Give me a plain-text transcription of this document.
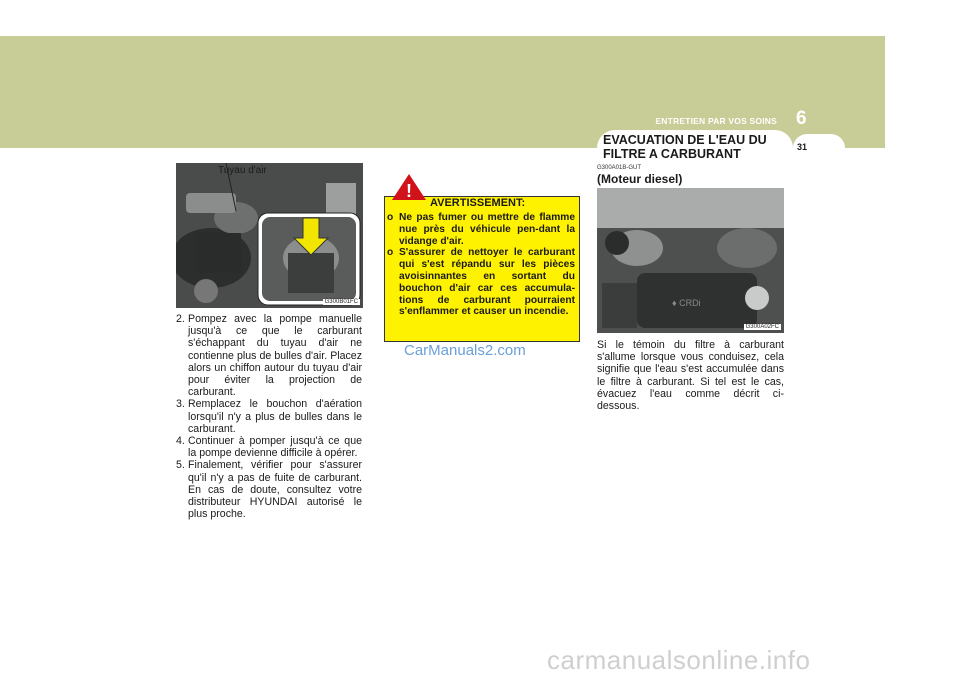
ENTRETIEN PAR VOS SOINS 6
31
EVACUATION DE L'EAU DU FILTRE A CARBURANT
G300B01FC
Tuyau d'air
2. Pompez avec la pompe manuelle jusqu'à ce que le carburant s'échappant du tuyau d'air ne contienne plus de bulles d'air. Placez alors un chiffon autour du tuyau d'air pour éviter la projection de carburant.
3. Remplacez le bouchon d'aération lorsqu'il n'y a plus de bulles dans le carburant.
4. Continuer à pomper jusqu'à ce que la pompe devienne difficile à opérer.
5. Finalement, vérifier pour s'assurer qu'il n'y a pas de fuite de carburant. En cas de doute, consultez votre distributeur HYUNDAI autorisé le plus proche.
!
AVERTISSEMENT:
o Ne pas fumer ou mettre de flamme nue près du véhicule pen-dant la vidange d'air.
o S'assurer de nettoyer le carburant qui s'est répandu sur les pièces avoisinnantes en sortant du bouchon d'air car ces accumula-tions de carburant pourraient s'enflammer et causer un incendie.
CarManuals2.com
G300A01B-GUT
(Moteur diesel)
♦ CRDi
G300A02FC

Si le témoin du filtre à carburant s'allume lorsque vous conduisez, cela signifie que l'eau s'est accumulée dans le filtre à carburant. Si tel est le cas, évacuez l'eau comme décrit ci-dessous.

carmanualsonline.info
